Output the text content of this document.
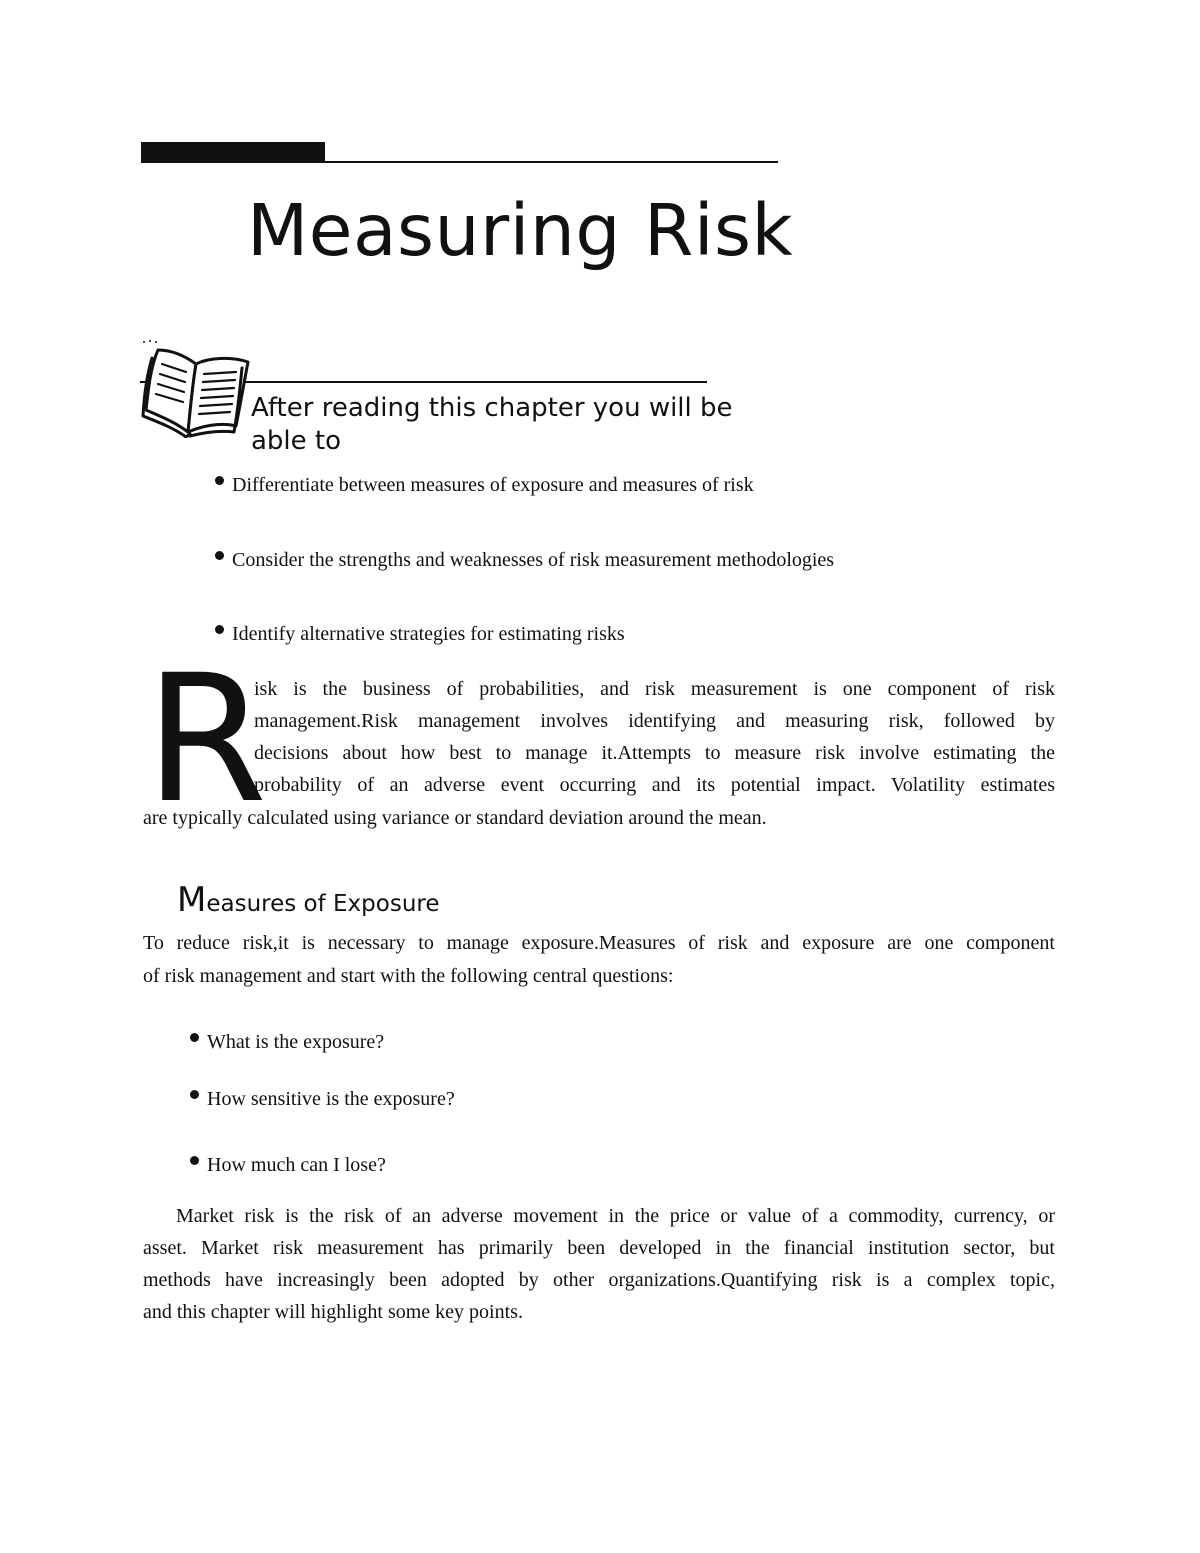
CHAPTER 9
Measuring Risk
After reading this chapter you will be
able to
Differentiate between measures of exposure and measures of risk
Consider the strengths and weaknesses of risk measurement methodologies
Identify alternative strategies for estimating risks
R
isk is the business of probabilities, and risk measurement is one component of risk
management.Risk management involves identifying and measuring risk, followed by
decisions about how best to manage it.Attempts to measure risk involve estimating the
probability of an adverse event occurring and its potential impact. Volatility estimates
are typically calculated using variance or standard deviation around the mean.
Measures of Exposure
To reduce risk,it is necessary to manage exposure.Measures of risk and exposure are one component
of risk management and start with the following central questions:
What is the exposure?
How sensitive is the exposure?
How much can I lose?
Market risk is the risk of an adverse movement in the price or value of a commodity, currency, or
asset. Market risk measurement has primarily been developed in the financial institution sector, but
methods have increasingly been adopted by other organizations.Quantifying risk is a complex topic,
and this chapter will highlight some key points.
